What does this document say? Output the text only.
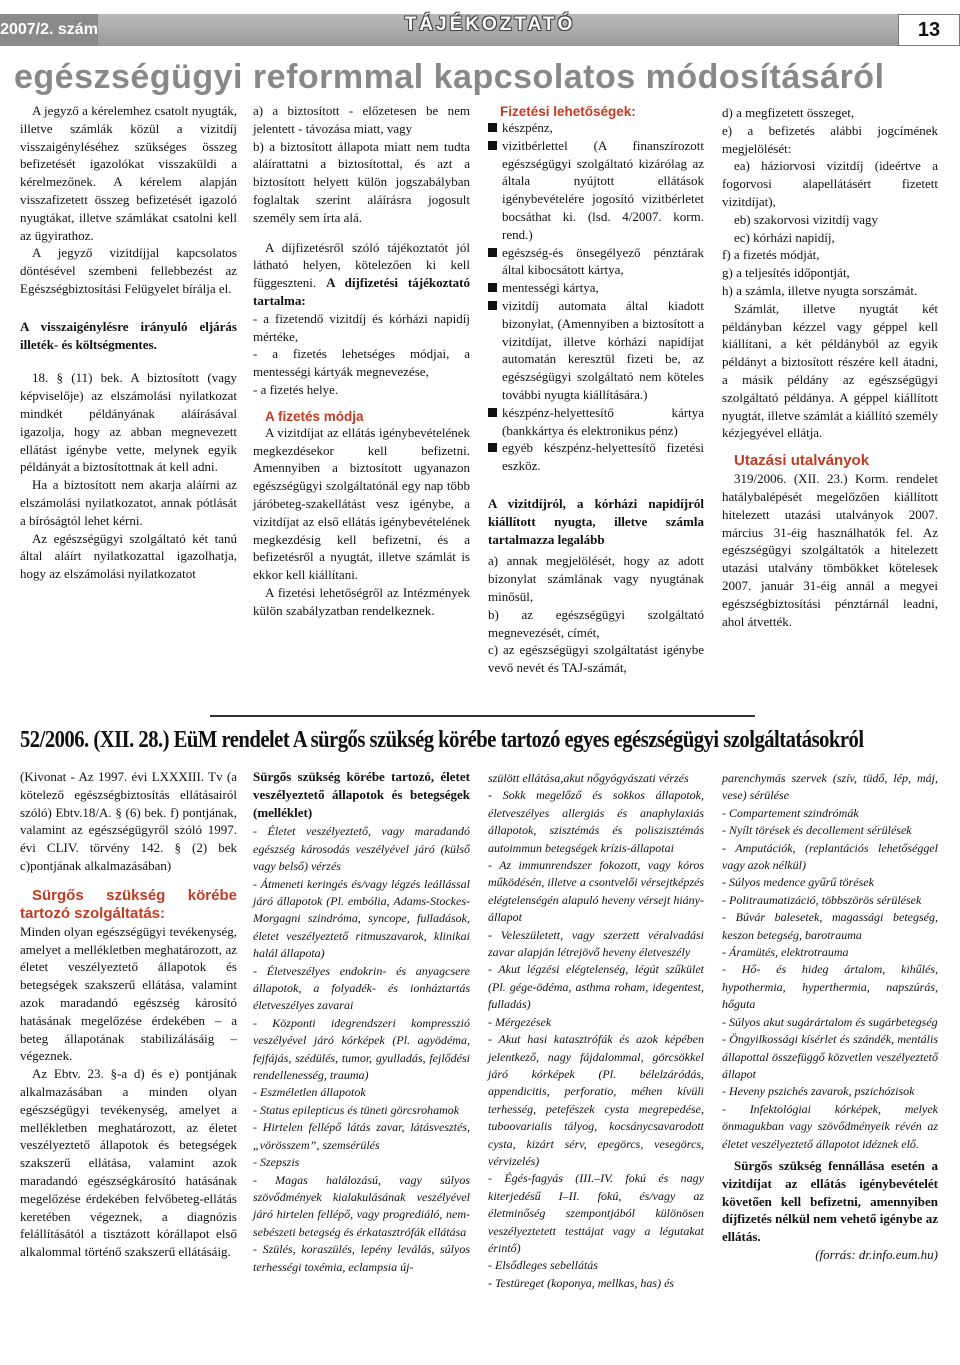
2007/2. szám	TÁJÉKOZTATÓ	13
egészségügyi reformmal kapcsolatos módosításáról

A jegyző a kérelemhez csatolt nyugták, illetve számlák közül a vizitdíj visszaigényléséhez szükséges összeg befizetését igazolókat visszaküldi a kérelmezőnek. A kérelem alapján visszafizetett összeg befizetését igazoló nyugtákat, illetve számlákat csatolni kell az ügyirathoz.

A jegyző vizitdíjjal kapcsolatos döntésével szembeni fellebbezést az Egészségbiztosítási Felügyelet bírálja el.

A visszaigénylésre irányuló eljárás illeték- és költségmentes.

18. § (11) bek. A biztosított (vagy képviselője) az elszámolási nyilatkozat mindkét példányának aláírásával igazolja, hogy az abban megnevezett ellátást igénybe vette, melynek egyik példányát a biztosítottnak át kell adni.

Ha a biztosított nem akarja aláírni az elszámolási nyilatkozatot, annak pótlását a bíróságtól lehet kérni.

Az egészségügyi szolgáltató két tanú által aláírt nyilatkozattal igazolhatja, hogy az elszámolási nyilatkozatot

a) a biztosított - előzetesen be nem jelentett - távozása miatt, vagy

b) a biztosított állapota miatt nem tudta aláírattatni a biztosítottal, és azt a biztosított helyett külön jogszabályban foglaltak szerint aláírásra jogosult személy sem írta alá.

A díjfizetésről szóló tájékoztatót jól látható helyen, kötelezően ki kell függeszteni. A díjfizetési tájékoztató tartalma:

- a fizetendő vizitdíj és kórházi napidíj mértéke,

- a fizetés lehetséges módjai, a mentességi kártyák megnevezése,

- a fizetés helye.

A fizetés módja

A vizitdíjat az ellátás igénybevételének megkezdésekor kell befizetni. Amennyiben a biztosított ugyanazon egészségügyi szolgáltatónál egy nap több járóbeteg-szakellátást vesz igénybe, a vizitdíjat az első ellátás igénybevételének megkezdésig kell befizetni, és a befizetésről a nyugtát, illetve számlát is ekkor kell kiállítani.

A fizetési lehetőségről az Intézmények külön szabályzatban rendelkeznek.

Fizetési lehetőségek:

készpénz,

vizitbérlettel (A finanszírozott egészségügyi szolgáltató kizárólag az általa nyújtott ellátások igénybevételére jogosító vizitbérletet bocsáthat ki. (lsd. 4/2007. korm. rend.)

egészség-és önsegélyező pénztárak által kibocsátott kártya,

mentességi kártya,

vizitdíj automata által kiadott bizonylat, (Amennyiben a biztosított a vizitdíjat, illetve kórházi napidíjat automatán keresztül fizeti be, az egészségügyi szolgáltató nem köteles további nyugta kiállítására.)

készpénz-helyettesítő kártya (bankkártya és elektronikus pénz)

egyéb készpénz-helyettesítő fizetési eszköz.

A vizitdíjról, a kórházi napidíjról kiállított nyugta, illetve számla tartalmazza legalább

a) annak megjelölését, hogy az adott bizonylat számlának vagy nyugtának minősül,

b) az egészségügyi szolgáltató megnevezését, címét,

c) az egészségügyi szolgáltatást igénybe vevő nevét és TAJ-számát,

d) a megfizetett összeget,

e) a befizetés alábbi jogcímének megjelölését:

ea) háziorvosi vizitdíj (ideértve a fogorvosi alapellátásért fizetett vizitdíjat),

eb) szakorvosi vizitdíj vagy

ec) kórházi napidíj,

f) a fizetés módját,

g) a teljesítés időpontját,

h) a számla, illetve nyugta sorszámát.

Számlát, illetve nyugtát két példányban kézzel vagy géppel kell kiállítani, a két példányból az egyik példányt a biztosított részére kell átadni, a másik példány az egészségügyi szolgáltató példánya. A géppel kiállított nyugtát, illetve számlát a kiállító személy kézjegyével ellátja.

Utazási utalványok

319/2006. (XII. 23.) Korm. rendelet hatálybalépését megelőzően kiállított hitelezett utazási utalványok 2007. március 31-éig használhatók fel. Az egészségügyi szolgáltatók a hitelezett utazási utalvány tömbökket kötelesek 2007. január 31-éig annál a megyei egészségbiztosítási pénztárnál leadni, ahol átvették.

52/2006. (XII. 28.) EüM rendelet A sürgős szükség körébe tartozó egyes egészségügyi szolgáltatásokról

(Kivonat - Az 1997. évi LXXXIII. Tv (a kötelező egészségbiztosítás ellátásairól szóló) Ebtv.18/A. § (6) bek. f) pontjának, valamint az egészségügyről szóló 1997. évi CLIV. törvény 142. § (2) bek c)pontjának alkalmazásában)

Sürgős szükség körébe tartozó szolgáltatás:

Minden olyan egészségügyi tevékenység, amelyet a mellékletben meghatározott, az életet veszélyeztető állapotok és betegségek szakszerű ellátása, valamint azok maradandó egészség károsító hatásának megelőzése érdekében – a beteg állapotának stabilizálásáig – végeznek.

Az Ebtv. 23. §-a d) és e) pontjának alkalmazásában a minden olyan egészségügyi tevékenység, amelyet a mellékletben meghatározott, az életet veszélyeztető állapotok és betegségek szakszerű ellátása, valamint azok maradandó egészségkárosító hatásának megelőzése érdekében felvőbeteg-ellátás keretében végeznek, a diagnózis felállításától a tisztázott kórállapot első alkalommal történő szakszerű ellátásáig.

Sürgős szükség körébe tartozó, életet veszélyeztető állapotok és betegségek (melléklet)

- Életet veszélyeztető, vagy maradandó egészség károsodás veszélyével járó (külső vagy belső) vérzés

- Átmeneti keringés és/vagy légzés leállással járó állapotok (Pl. embólia, Adams-Stockes-Morgagni szindróma, syncope, fulladások, életet veszélyeztető ritmuszavarok, klinikai halál állapota)

- Életveszélyes endokrin- és anyagcsere állapotok, a folyadék- és ionháztartás életveszélyes zavarai

- Központi idegrendszeri kompresszió veszélyével járó kórképek (Pl. agyödéma, fejfájás, szédülés, tumor, gyulladás, fejlődési rendellenesség, trauma)

- Eszméletlen állapotok

- Status epilepticus és tüneti görcsrohamok

- Hirtelen fellépő látás zavar, látásvesztés, „vörösszem”, szemsérülés

- Szepszis

- Magas halálozású, vagy súlyos szövődmények kialakulásának veszélyével járó hirtelen fellépő, vagy progrediáló, nem-sebészeti betegség és érkatasztrófák ellátása

- Szülés, koraszülés, lepény leválás, súlyos terhességi toxémia, eclampsia új-

szülött ellátása,akut nőgyógyászati vérzés

- Sokk megelőző és sokkos állapotok, életveszélyes allergiás és anaphylaxiás állapotok, szisztémás és poliszisztémás autoimmun betegségek krízis-állapotai

- Az immunrendszer fokozott, vagy kóros működésén, illetve a csontvelői vérsejtképzés elégtelenségén alapuló heveny vérsejt hiány-állapot

- Veleszületett, vagy szerzett véralvadási zavar alapján létrejövő heveny életveszély

- Akut légzési elégtelenség, légút szűkület (Pl. gége-ödéma, asthma roham, idegentest, fulladás)

- Mérgezések

- Akut hasi katasztrófák és azok képében jelentkező, nagy fájdalommal, görcsökkel járó kórképek (Pl. bélelzáródás, appendicitis, perforatio, méhen kívüli terhesség, petefészek cysta megrepedése, tuboovarialis tályog, kocsánycsavarodott cysta, kizárt sérv, epegörcs, vesegörcs, vérvizelés)

- Égés-fagyás (III.–IV. fokú és nagy kiterjedésű I–II. fokú, és/vagy az életminőség szempontjából különösen veszélyeztetett testtájat vagy a légutakat érintő)

- Elsődleges sebellátás

- Testüreget (koponya, mellkas, has) és

parenchymás szervek (szív, tüdő, lép, máj, vese) sérülése

- Compartement szindrómák

- Nyílt törések és decollement sérülések

- Amputációk, (replantációs lehetőséggel vagy azok nélkül)

- Súlyos medence gyűrű törések

- Politraumatizáció, többszörös sérülések

- Búvár balesetek, magassági betegség, keszon betegség, barotrauma

- Áramütés, elektrotrauma

- Hő- és hideg ártalom, kihűlés, hypothermia, hyperthermia, napszúrás, hőguta

- Súlyos akut sugárártalom és sugárbetegség

- Öngyilkossági kísérlet és szándék, mentális állapottal összefüggő közvetlen veszélyeztető állapot

- Heveny pszichés zavarok, pszichózisok

- Infektológiai kórképek, melyek önmagukban vagy szövődményeik révén az életet veszélyeztető állapotot idéznek elő.

Sürgős szükség fennállása esetén a vizitdíjat az ellátás igénybevételét követően kell befizetni, amennyiben díjfizetés nélkül nem vehető igénybe az ellátás.

(forrás: dr.info.eum.hu)
